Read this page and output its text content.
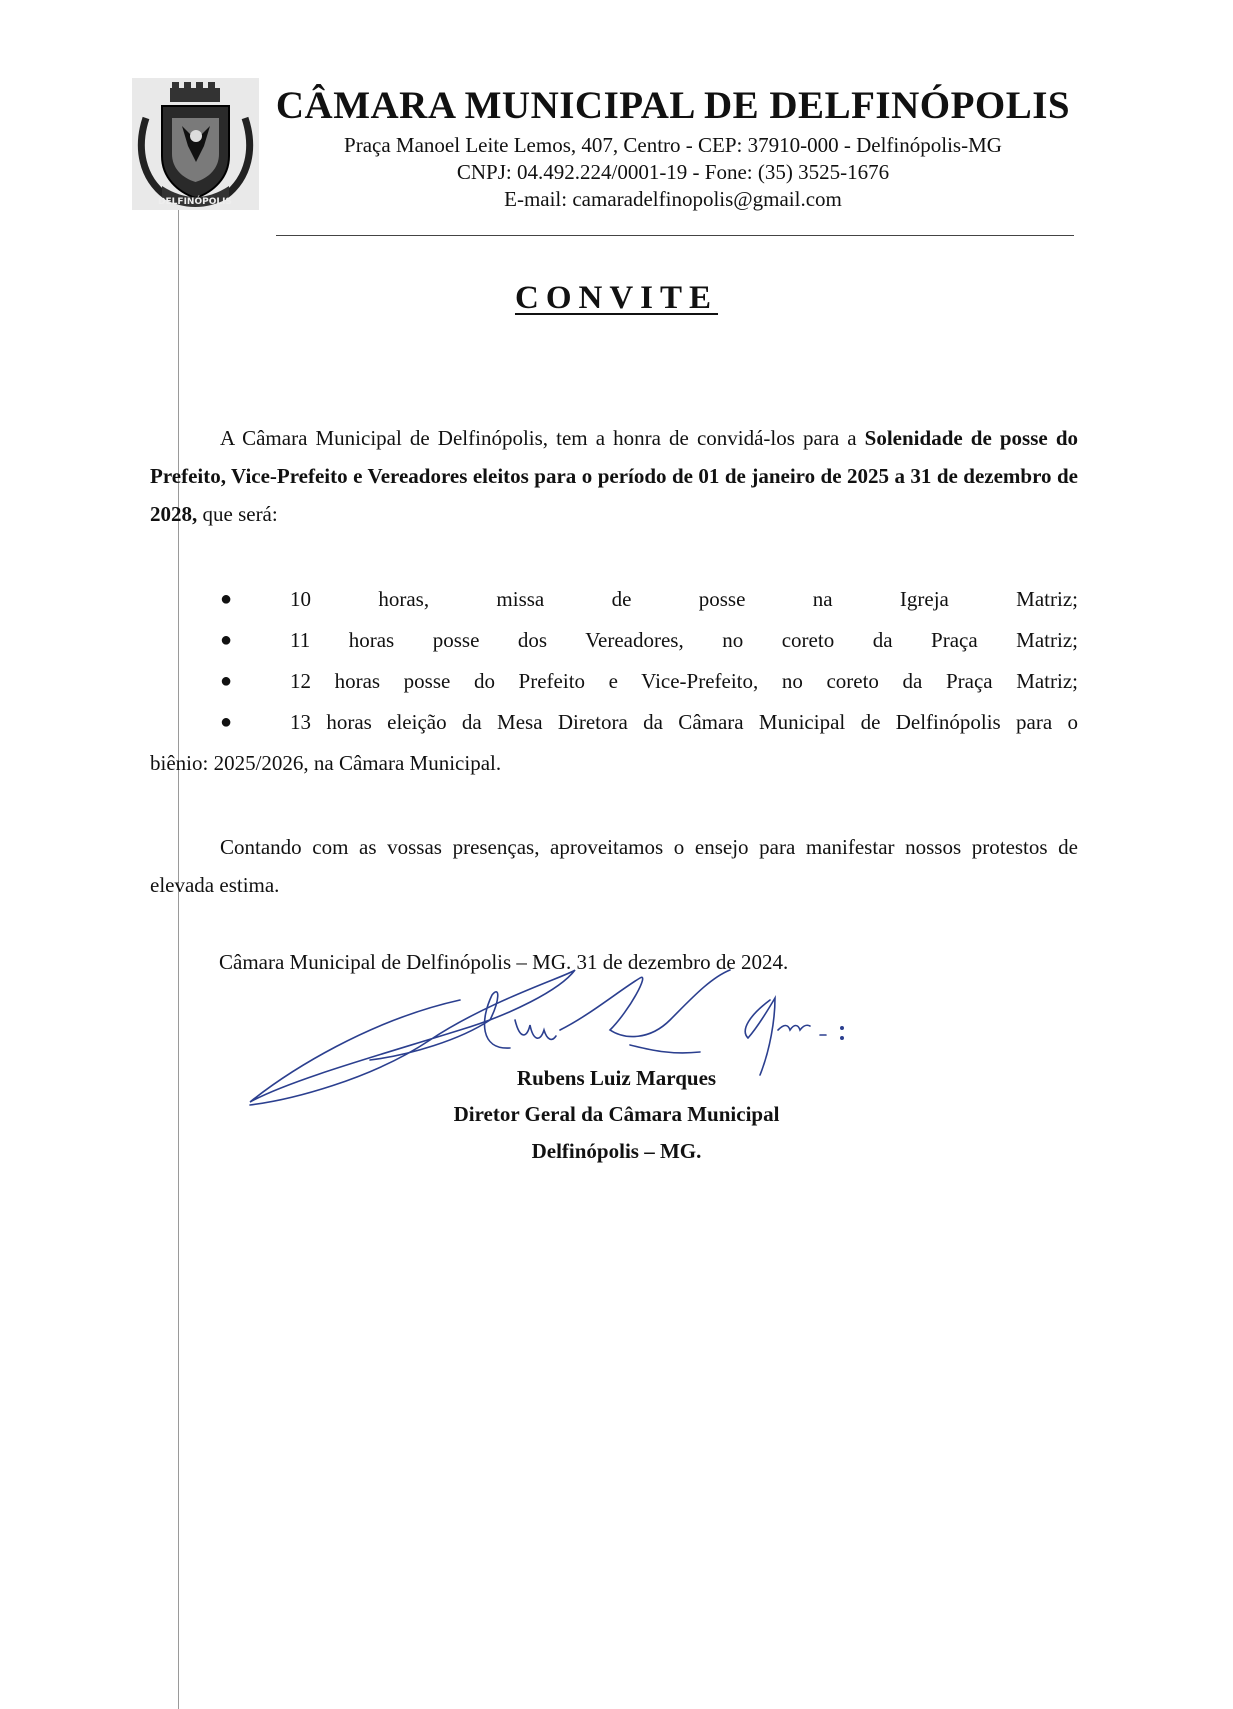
DELFINÓPOLIS

CÂMARA MUNICIPAL DE DELFINÓPOLIS

Praça Manoel Leite Lemos, 407, Centro - CEP: 37910-000 - Delfinópolis-MG

CNPJ: 04.492.224/0001-19 - Fone: (35) 3525-1676

E-mail: camaradelfinopolis@gmail.com

CONVITE
A Câmara Municipal de Delfinópolis, tem a honra de convidá-los para a Solenidade de posse do Prefeito, Vice-Prefeito e Vereadores eleitos para o período de 01 de janeiro de 2025 a 31 de dezembro de 2028, que será:
●	10 horas, missa de posse na Igreja Matriz;
●	11 horas posse dos Vereadores, no coreto da Praça Matriz;
●	12 horas posse do Prefeito e Vice-Prefeito, no coreto da Praça Matriz;
●	13 horas eleição da Mesa Diretora da Câmara Municipal de Delfinópolis para o
biênio: 2025/2026, na Câmara Municipal.
Contando com as vossas presenças, aproveitamos o ensejo para manifestar nossos protestos de elevada estima.
Câmara Municipal de Delfinópolis – MG. 31 de dezembro de 2024.
Rubens Luiz Marques
Diretor Geral da Câmara Municipal
Delfinópolis – MG.
